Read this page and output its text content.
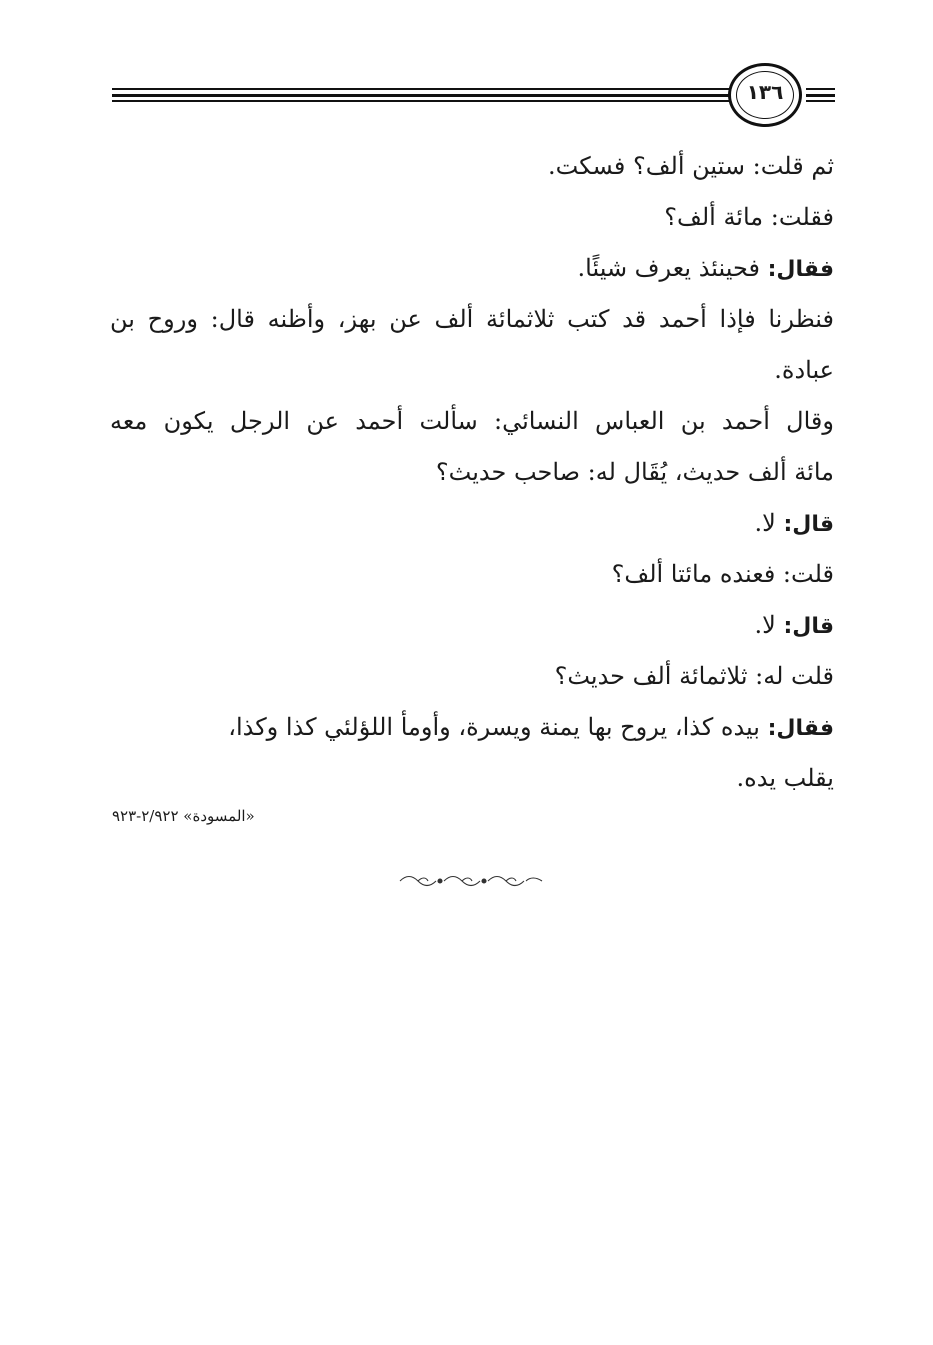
١٣٦
ثم قلت: ستين ألف؟ فسكت.
فقلت: مائة ألف؟
فقال: فحينئذ يعرف شيئًا.
فنظرنا فإذا أحمد قد كتب ثلاثمائة ألف عن بهز، وأظنه قال: وروح بن
عبادة.
وقال أحمد بن العباس النسائي: سألت أحمد عن الرجل يكون معه
مائة ألف حديث، يُقَال له: صاحب حديث؟
قال: لا.
قلت: فعنده مائتا ألف؟
قال: لا.
قلت له: ثلاثمائة ألف حديث؟
فقال: بيده كذا، يروح بها يمنة ويسرة، وأومأ اللؤلئي كذا وكذا،
يقلب يده.
«المسودة» ٢/٩٢٢-٩٢٣
